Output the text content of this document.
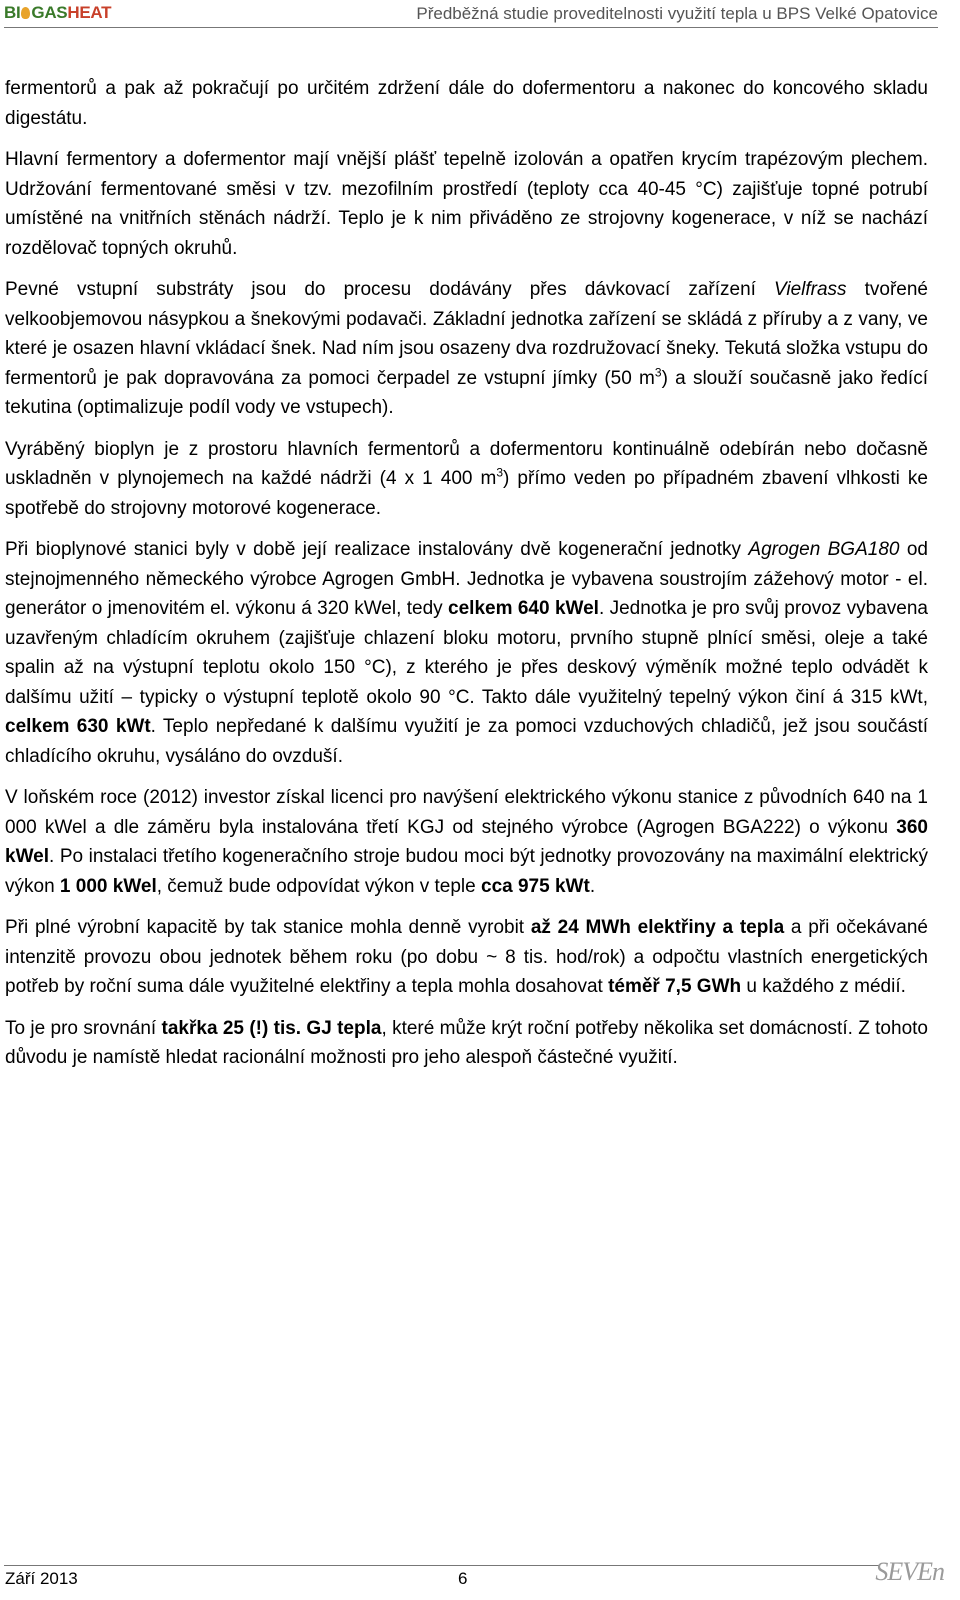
BI GASHEAT	Předběžná studie proveditelnosti využití tepla u BPS Velké Opatovice

fermentorů a pak až pokračují po určitém zdržení dále do dofermentoru a nakonec do koncového skladu digestátu.

Hlavní fermentory a dofermentor mají vnější plášť tepelně izolován a opatřen krycím trapézovým plechem. Udržování fermentované směsi v tzv. mezofilním prostředí (teploty cca 40-45 °C) zajišťuje topné potrubí umístěné na vnitřních stěnách nádrží. Teplo je k nim přiváděno ze strojovny kogenerace, v níž se nachází rozdělovač topných okruhů.

Pevné vstupní substráty jsou do procesu dodávány přes dávkovací zařízení Vielfrass tvořené velkoobjemovou násypkou a šnekovými podavači. Základní jednotka zařízení se skládá z příruby a z vany, ve které je osazen hlavní vkládací šnek. Nad ním jsou osazeny dva rozdružovací šneky. Tekutá složka vstupu do fermentorů je pak dopravována za pomoci čerpadel ze vstupní jímky (50 $m^3$) a slouží současně jako ředící tekutina (optimalizuje podíl vody ve vstupech).

Vyráběný bioplyn je z prostoru hlavních fermentorů a dofermentoru kontinuálně odebírán nebo dočasně uskladněn v plynojemech na každé nádrži (4 x 1 400 $m^3$) přímo veden po případném zbavení vlhkosti ke spotřebě do strojovny motorové kogenerace.

Při bioplynové stanici byly v době její realizace instalovány dvě kogenerační jednotky Agrogen BGA180 od stejnojmenného německého výrobce Agrogen GmbH. Jednotka je vybavena soustrojím zážehový motor - el. generátor o jmenovitém el. výkonu á 320 kWel, tedy celkem 640 kWel. Jednotka je pro svůj provoz vybavena uzavřeným chladícím okruhem (zajišťuje chlazení bloku motoru, prvního stupně plnící směsi, oleje a také spalin až na výstupní teplotu okolo 150 °C), z kterého je přes deskový výměník možné teplo odvádět k dalšímu užití – typicky o výstupní teplotě okolo 90 °C. Takto dále využitelný tepelný výkon činí á 315 kWt, celkem 630 kWt. Teplo nepředané k dalšímu využití je za pomoci vzduchových chladičů, jež jsou součástí chladícího okruhu, vysáláno do ovzduší.

V loňském roce (2012) investor získal licenci pro navýšení elektrického výkonu stanice z původních 640 na 1 000 kWel a dle záměru byla instalována třetí KGJ od stejného výrobce (Agrogen BGA222) o výkonu 360 kWel. Po instalaci třetího kogeneračního stroje budou moci být jednotky provozovány na maximální elektrický výkon 1 000 kWel, čemuž bude odpovídat výkon v teple cca 975 kWt.

Při plné výrobní kapacitě by tak stanice mohla denně vyrobit až 24 MWh elektřiny a tepla a při očekávané intenzitě provozu obou jednotek během roku (po dobu ~ 8 tis. hod/rok) a odpočtu vlastních energetických potřeb by roční suma dále využitelné elektřiny a tepla mohla dosahovat téměř 7,5 GWh u každého z médií.

To je pro srovnání takřka 25 (!) tis. GJ tepla, které může krýt roční potřeby několika set domácností. Z tohoto důvodu je namístě hledat racionální možnosti pro jeho alespoň částečné využití.

Září 2013	6	SEVEn
